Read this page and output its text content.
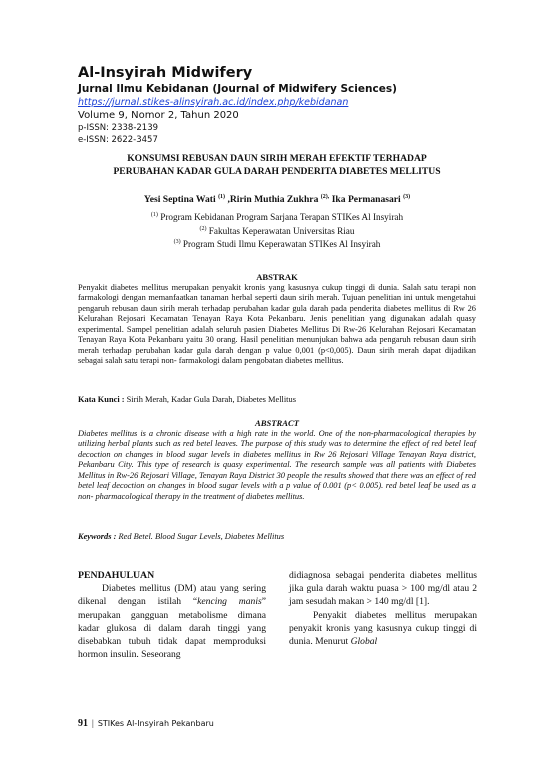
Al-Insyirah Midwifery
Jurnal Ilmu Kebidanan (Journal of Midwifery Sciences)
https://jurnal.stikes-alinsyirah.ac.id/index.php/kebidanan
Volume 9, Nomor 2, Tahun 2020
p-ISSN: 2338-2139
e-ISSN: 2622-3457
KONSUMSI REBUSAN DAUN SIRIH MERAH EFEKTIF TERHADAP
PERUBAHAN KADAR GULA DARAH PENDERITA DIABETES MELLITUS
Yesi Septina Wati $^{(1)}$ ,Ririn Muthia Zukhra $^{(2),}$ Ika Permanasari $^{(3)}$
$^{(1)}$ Program Kebidanan Program Sarjana Terapan STIKes Al Insyirah
$^{(2)}$ Fakultas Keperawatan Universitas Riau
$^{(3)}$ Program Studi Ilmu Keperawatan STIKes Al Insyirah
ABSTRAK
Penyakit diabetes mellitus merupakan penyakit kronis yang kasusnya cukup tinggi di dunia. Salah satu terapi non farmakologi dengan memanfaatkan tanaman herbal seperti daun sirih merah. Tujuan penelitian ini untuk mengetahui pengaruh rebusan daun sirih merah terhadap perubahan kadar gula darah pada penderita diabetes mellitus di Rw 26 Kelurahan Rejosari Kecamatan Tenayan Raya Kota Pekanbaru. Jenis penelitian yang digunakan adalah quasy experimental. Sampel penelitian adalah seluruh pasien Diabetes Mellitus Di Rw-26 Kelurahan Rejosari Kecamatan Tenayan Raya Kota Pekanbaru yaitu 30 orang. Hasil penelitian menunjukan bahwa ada pengaruh rebusan daun sirih merah terhadap perubahan kadar gula darah dengan p value 0,001 (p<0,005). Daun sirih merah dapat dijadikan sebagai salah satu terapi non- farmakologi dalam pengobatan diabetes mellitus.
Kata Kunci : Sirih Merah, Kadar Gula Darah, Diabetes Mellitus
ABSTRACT
Diabetes mellitus is a chronic disease with a high rate in the world. One of the non-pharmacological therapies by utilizing herbal plants such as red betel leaves. The purpose of this study was to determine the effect of red betel leaf decoction on changes in blood sugar levels in diabetes mellitus in Rw 26 Rejosari Village Tenayan Raya district, Pekanbaru City. This type of research is quasy experimental. The research sample was all patients with Diabetes Mellitus in Rw-26 Rejosari Village, Tenayan Raya District 30 people the results showed that there was an effect of red betel leaf decoction on changes in blood sugar levels with a p value of 0.001 (p< 0.005). red betel leaf be used as a non- pharmacological therapy in the treatment of diabetes mellitus.
Keywords : Red Betel. Blood Sugar Levels, Diabetes Mellitus
PENDAHULUAN

Diabetes mellitus (DM) atau yang sering dikenal dengan istilah “kencing manis” merupakan gangguan metabolisme dimana kadar glukosa di dalam darah tinggi yang disebabkan tubuh tidak dapat memproduksi hormon insulin. Seseorang

didiagnosa sebagai penderita diabetes mellitus jika gula darah waktu puasa > 100 mg/dl atau 2 jam sesudah makan > 140 mg/dl [1].

Penyakit diabetes mellitus merupakan penyakit kronis yang kasusnya cukup tinggi di dunia. Menurut Global

91 | STIKes Al-Insyirah Pekanbaru
